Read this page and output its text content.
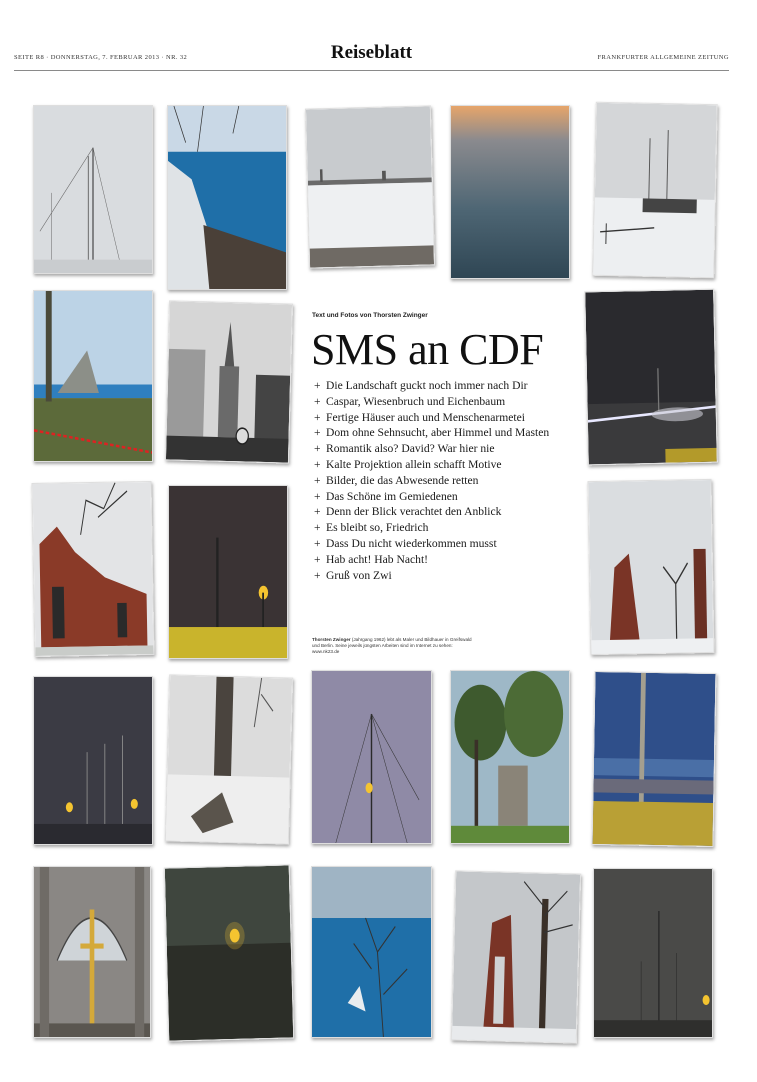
SEITE R8 · DONNERSTAG, 7. FEBRUAR 2013 · NR. 32	Reiseblatt	FRANKFURTER ALLGEMEINE ZEITUNG
Text und Fotos von Thorsten Zwinger
SMS an CDF
+ Die Landschaft guckt noch immer nach Dir
+ Caspar, Wiesenbruch und Eichenbaum
+ Fertige Häuser auch und Menschenarmetei
+ Dom ohne Sehnsucht, aber Himmel und Masten
+ Romantik also? David? War hier nie
+ Kalte Projektion allein schafft Motive
+ Bilder, die das Abwesende retten
+ Das Schöne im Gemiedenen
+ Denn der Blick verachtet den Anblick
+ Es bleibt so, Friedrich
+ Dass Du nicht wiederkommen musst
+ Hab acht! Hab Nacht!
+ Gruß von Zwi
Thorsten Zwinger (Jahrgang 1962) lebt als Maler und Bildhauer in Greifswald und Berlin. Seine jeweils jüngsten Arbeiten sind im Internet zu sehen: www.nk23.de
